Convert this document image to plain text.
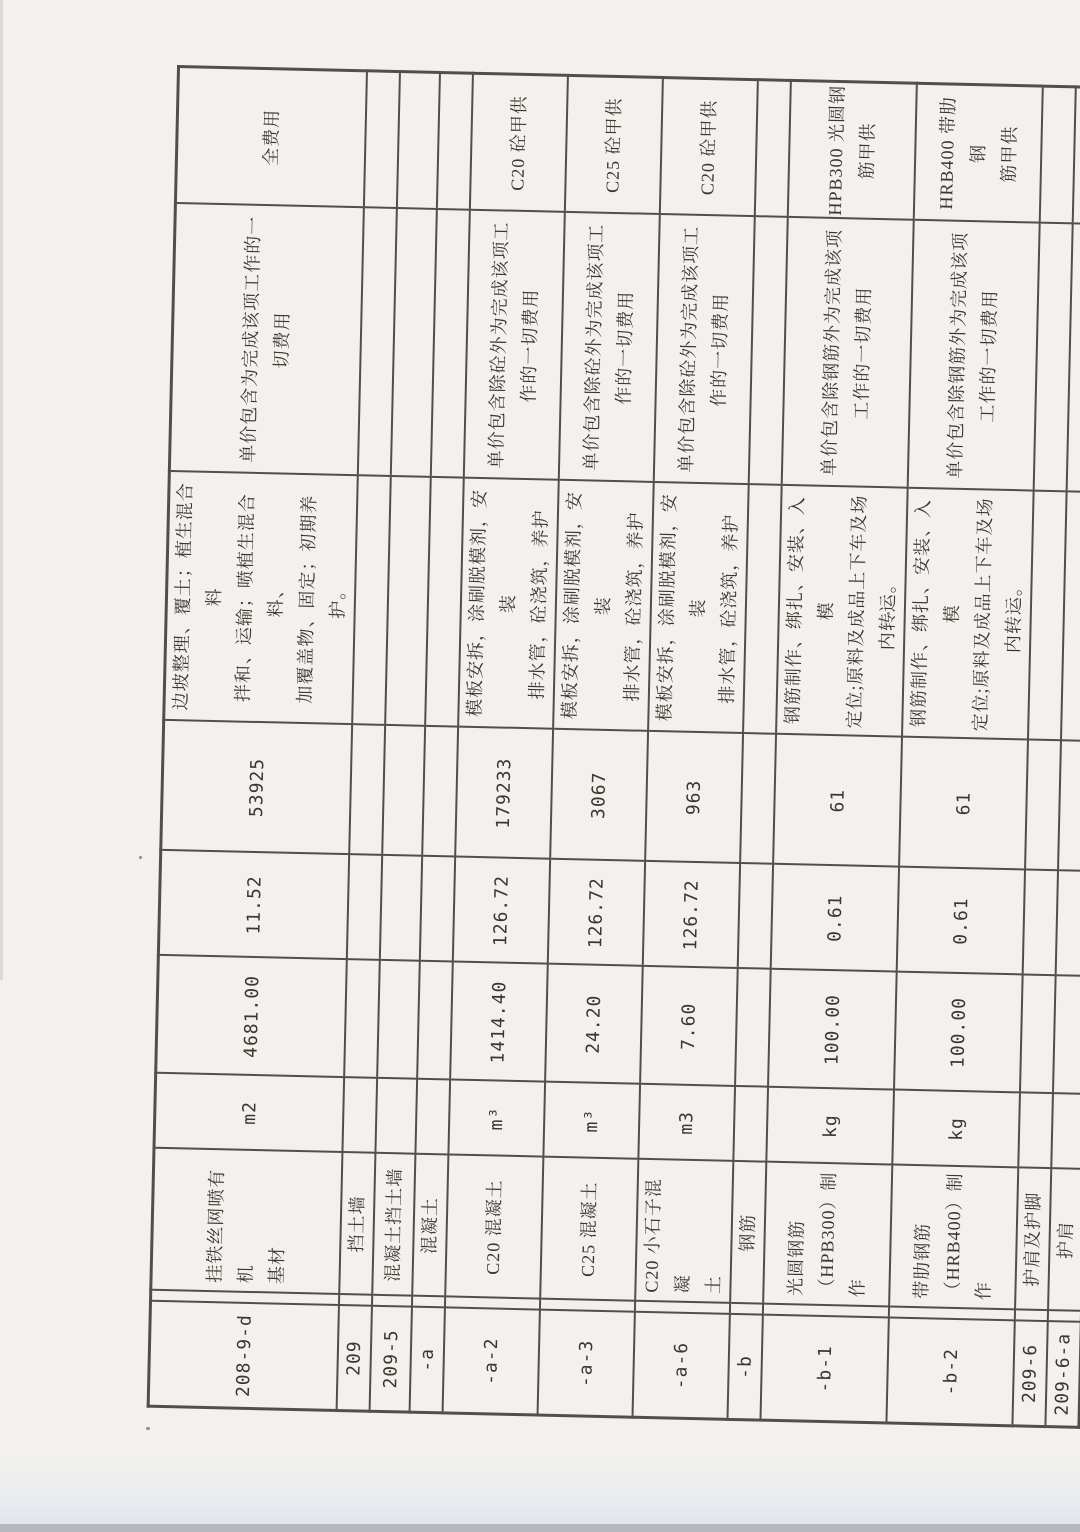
208-9-d		挂铁丝网喷有机
基材	m2	4681.00	11.52	53925	边坡整理、覆土；植生混合料
拌和、运输；喷植生混合料、
加覆盖物、固定；初期养护。	单价包含为完成该项工作的一
切费用	全费用
209		挡土墙							
209-5		混凝土挡土墙							
-a		混凝土							
-a-2		C20 混凝土	m³	1414.40	126.72	179233	模板安拆，涂刷脱模剂，安装
排水管，砼浇筑，养护	单价包含除砼外为完成该项工
作的一切费用	C20 砼甲供
-a-3		C25 混凝土	m³	24.20	126.72	3067	模板安拆，涂刷脱模剂，安装
排水管，砼浇筑，养护	单价包含除砼外为完成该项工
作的一切费用	C25 砼甲供
-a-6		C20 小石子混凝
土	m3	7.60	126.72	963	模板安拆，涂刷脱模剂，安装
排水管，砼浇筑，养护	单价包含除砼外为完成该项工
作的一切费用	C20 砼甲供
-b		钢筋							
-b-1		光圆钢筋
（HPB300）制作	kg	100.00	0.61	61	钢筋制作、绑扎、安装、入模
定位;原料及成品上下车及场
内转运。	单价包含除钢筋外为完成该项
工作的一切费用	HPB300 光圆钢
筋甲供
-b-2		带肋钢筋
（HRB400）制作	kg	100.00	0.61	61	钢筋制作、绑扎、安装、入模
定位;原料及成品上下车及场
内转运。	单价包含除钢筋外为完成该项
工作的一切费用	HRB400 带肋钢
筋甲供
209-6		护肩及护脚							
209-6-a		护肩							
